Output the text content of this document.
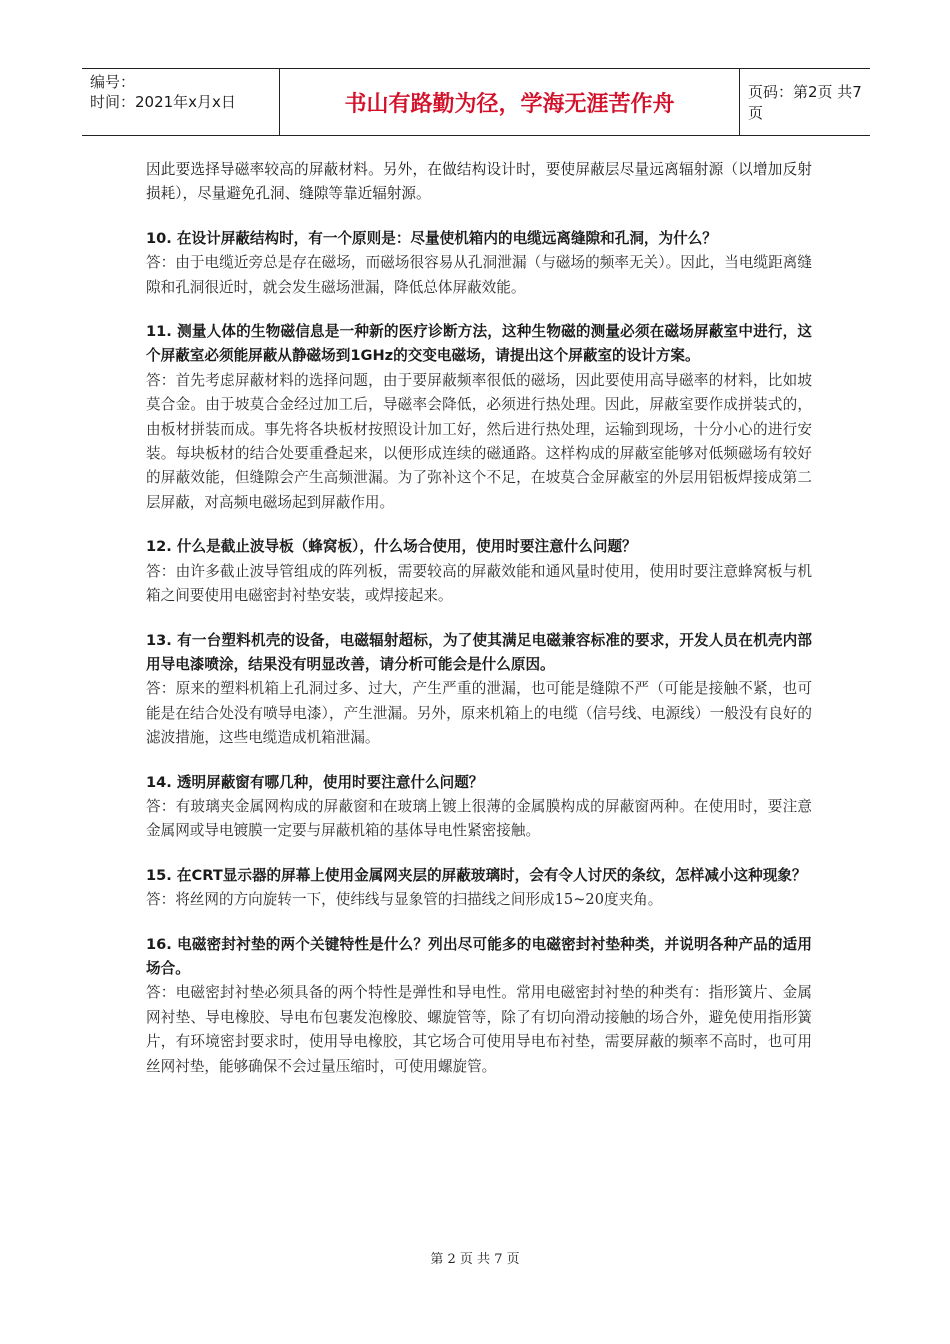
编号：
时间：2021年x月x日	书山有路勤为径，学海无涯苦作舟	页码：第2页 共7页

因此要选择导磁率较高的屏蔽材料。另外，在做结构设计时，要使屏蔽层尽量远离辐射源（以增加反射损耗），尽量避免孔洞、缝隙等靠近辐射源。

10. 在设计屏蔽结构时，有一个原则是：尽量使机箱内的电缆远离缝隙和孔洞，为什么？

答：由于电缆近旁总是存在磁场，而磁场很容易从孔洞泄漏（与磁场的频率无关）。因此，当电缆距离缝隙和孔洞很近时，就会发生磁场泄漏，降低总体屏蔽效能。

11. 测量人体的生物磁信息是一种新的医疗诊断方法，这种生物磁的测量必须在磁场屏蔽室中进行，这个屏蔽室必须能屏蔽从静磁场到1GHz的交变电磁场，请提出这个屏蔽室的设计方案。

答：首先考虑屏蔽材料的选择问题，由于要屏蔽频率很低的磁场，因此要使用高导磁率的材料，比如坡莫合金。由于坡莫合金经过加工后，导磁率会降低，必须进行热处理。因此，屏蔽室要作成拼装式的，由板材拼装而成。事先将各块板材按照设计加工好，然后进行热处理，运输到现场，十分小心的进行安装。每块板材的结合处要重叠起来，以便形成连续的磁通路。这样构成的屏蔽室能够对低频磁场有较好的屏蔽效能，但缝隙会产生高频泄漏。为了弥补这个不足，在坡莫合金屏蔽室的外层用铝板焊接成第二层屏蔽，对高频电磁场起到屏蔽作用。

12. 什么是截止波导板（蜂窝板），什么场合使用，使用时要注意什么问题？

答：由许多截止波导管组成的阵列板，需要较高的屏蔽效能和通风量时使用，使用时要注意蜂窝板与机箱之间要使用电磁密封衬垫安装，或焊接起来。

13. 有一台塑料机壳的设备，电磁辐射超标，为了使其满足电磁兼容标准的要求，开发人员在机壳内部用导电漆喷涂，结果没有明显改善，请分析可能会是什么原因。

答：原来的塑料机箱上孔洞过多、过大，产生严重的泄漏，也可能是缝隙不严（可能是接触不紧，也可能是在结合处没有喷导电漆），产生泄漏。另外，原来机箱上的电缆（信号线、电源线）一般没有良好的滤波措施，这些电缆造成机箱泄漏。

14. 透明屏蔽窗有哪几种，使用时要注意什么问题？

答：有玻璃夹金属网构成的屏蔽窗和在玻璃上镀上很薄的金属膜构成的屏蔽窗两种。在使用时，要注意金属网或导电镀膜一定要与屏蔽机箱的基体导电性紧密接触。

15. 在CRT显示器的屏幕上使用金属网夹层的屏蔽玻璃时，会有令人讨厌的条纹，怎样减小这种现象？

答：将丝网的方向旋转一下，使纬线与显象管的扫描线之间形成15~20度夹角。

16. 电磁密封衬垫的两个关键特性是什么？列出尽可能多的电磁密封衬垫种类，并说明各种产品的适用场合。

答：电磁密封衬垫必须具备的两个特性是弹性和导电性。常用电磁密封衬垫的种类有：指形簧片、金属网衬垫、导电橡胶、导电布包裹发泡橡胶、螺旋管等，除了有切向滑动接触的场合外，避免使用指形簧片，有环境密封要求时，使用导电橡胶，其它场合可使用导电布衬垫，需要屏蔽的频率不高时，也可用丝网衬垫，能够确保不会过量压缩时，可使用螺旋管。

第 2 页 共 7 页
